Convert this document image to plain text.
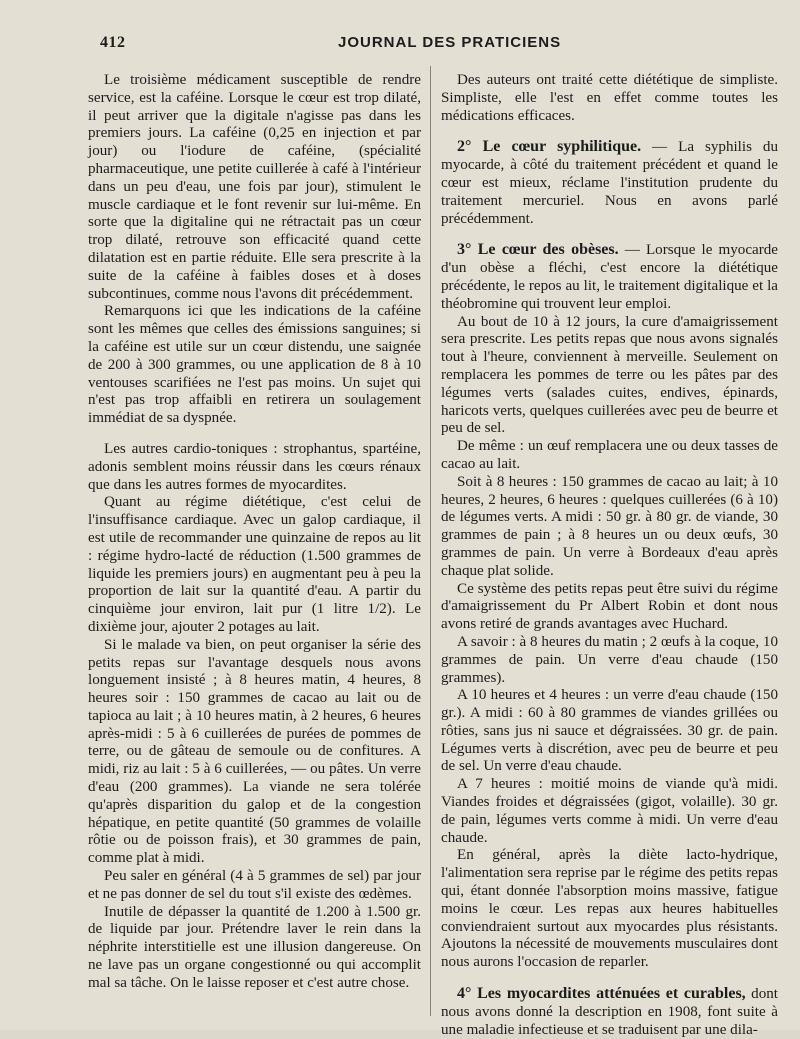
412	JOURNAL DES PRATICIENS

Le troisième médicament susceptible de rendre service, est la caféine. Lorsque le cœur est trop dilaté, il peut arriver que la digitale n'agisse pas dans les premiers jours. La caféine (0,25 en injection et par jour) ou l'iodure de caféine, (spécialité pharmaceutique, une petite cuillerée à café à l'intérieur dans un peu d'eau, une fois par jour), stimulent le muscle cardiaque et le font revenir sur lui-même. En sorte que la digitaline qui ne rétractait pas un cœur trop dilaté, retrouve son efficacité quand cette dilatation est en partie réduite. Elle sera prescrite à la suite de la caféine à faibles doses et à doses subcontinues, comme nous l'avons dit précédemment.

Remarquons ici que les indications de la caféine sont les mêmes que celles des émissions sanguines; si la caféine est utile sur un cœur distendu, une saignée de 200 à 300 grammes, ou une application de 8 à 10 ventouses scarifiées ne l'est pas moins. Un sujet qui n'est pas trop affaibli en retirera un soulagement immédiat de sa dyspnée.

Les autres cardio-toniques : strophantus, spartéine, adonis semblent moins réussir dans les cœurs rénaux que dans les autres formes de myocardites.

Quant au régime diététique, c'est celui de l'insuffisance cardiaque. Avec un galop cardiaque, il est utile de recommander une quinzaine de repos au lit : régime hydro-lacté de réduction (1.500 grammes de liquide les premiers jours) en augmentant peu à peu la proportion de lait sur la quantité d'eau. A partir du cinquième jour environ, lait pur (1 litre 1/2). Le dixième jour, ajouter 2 potages au lait.

Si le malade va bien, on peut organiser la série des petits repas sur l'avantage desquels nous avons longuement insisté ; à 8 heures matin, 4 heures, 8 heures soir : 150 grammes de cacao au lait ou de tapioca au lait ; à 10 heures matin, à 2 heures, 6 heures après-midi : 5 à 6 cuillerées de purées de pommes de terre, ou de gâteau de semoule ou de confitures. A midi, riz au lait : 5 à 6 cuillerées, — ou pâtes. Un verre d'eau (200 grammes). La viande ne sera tolérée qu'après disparition du galop et de la congestion hépatique, en petite quantité (50 grammes de volaille rôtie ou de poisson frais), et 30 grammes de pain, comme plat à midi.

Peu saler en général (4 à 5 grammes de sel) par jour et ne pas donner de sel du tout s'il existe des œdèmes.

Inutile de dépasser la quantité de 1.200 à 1.500 gr. de liquide par jour. Prétendre laver le rein dans la néphrite interstitielle est une illusion dangereuse. On ne lave pas un organe congestionné ou qui accomplit mal sa tâche. On le laisse reposer et c'est autre chose.

Des auteurs ont traité cette diététique de simpliste. Simpliste, elle l'est en effet comme toutes les médications efficaces.

2° Le cœur syphilitique. — La syphilis du myocarde, à côté du traitement précédent et quand le cœur est mieux, réclame l'institution prudente du traitement mercuriel. Nous en avons parlé précédemment.

3° Le cœur des obèses. — Lorsque le myocarde d'un obèse a fléchi, c'est encore la diététique précédente, le repos au lit, le traitement digitalique et la théobromine qui trouvent leur emploi.

Au bout de 10 à 12 jours, la cure d'amaigrissement sera prescrite. Les petits repas que nous avons signalés tout à l'heure, conviennent à merveille. Seulement on remplacera les pommes de terre ou les pâtes par des légumes verts (salades cuites, endives, épinards, haricots verts, quelques cuillerées avec peu de beurre et peu de sel.

De même : un œuf remplacera une ou deux tasses de cacao au lait.

Soit à 8 heures : 150 grammes de cacao au lait; à 10 heures, 2 heures, 6 heures : quelques cuillerées (6 à 10) de légumes verts. A midi : 50 gr. à 80 gr. de viande, 30 grammes de pain ; à 8 heures un ou deux œufs, 30 grammes de pain. Un verre à Bordeaux d'eau après chaque plat solide.

Ce système des petits repas peut être suivi du régime d'amaigrissement du Pr Albert Robin et dont nous avons retiré de grands avantages avec Huchard.

A savoir : à 8 heures du matin ; 2 œufs à la coque, 10 grammes de pain. Un verre d'eau chaude (150 grammes).

A 10 heures et 4 heures : un verre d'eau chaude (150 gr.). A midi : 60 à 80 grammes de viandes grillées ou rôties, sans jus ni sauce et dégraissées. 30 gr. de pain. Légumes verts à discrétion, avec peu de beurre et peu de sel. Un verre d'eau chaude.

A 7 heures : moitié moins de viande qu'à midi. Viandes froides et dégraissées (gigot, volaille). 30 gr. de pain, légumes verts comme à midi. Un verre d'eau chaude.

En général, après la diète lacto-hydrique, l'alimentation sera reprise par le régime des petits repas qui, étant donnée l'absorption moins massive, fatigue moins le cœur. Les repas aux heures habituelles conviendraient surtout aux myocardes plus résistants. Ajoutons la nécessité de mouvements musculaires dont nous aurons l'occasion de reparler.

4° Les myocardites atténuées et curables, dont nous avons donné la description en 1908, font suite à une maladie infectieuse et se traduisent par une dila-
